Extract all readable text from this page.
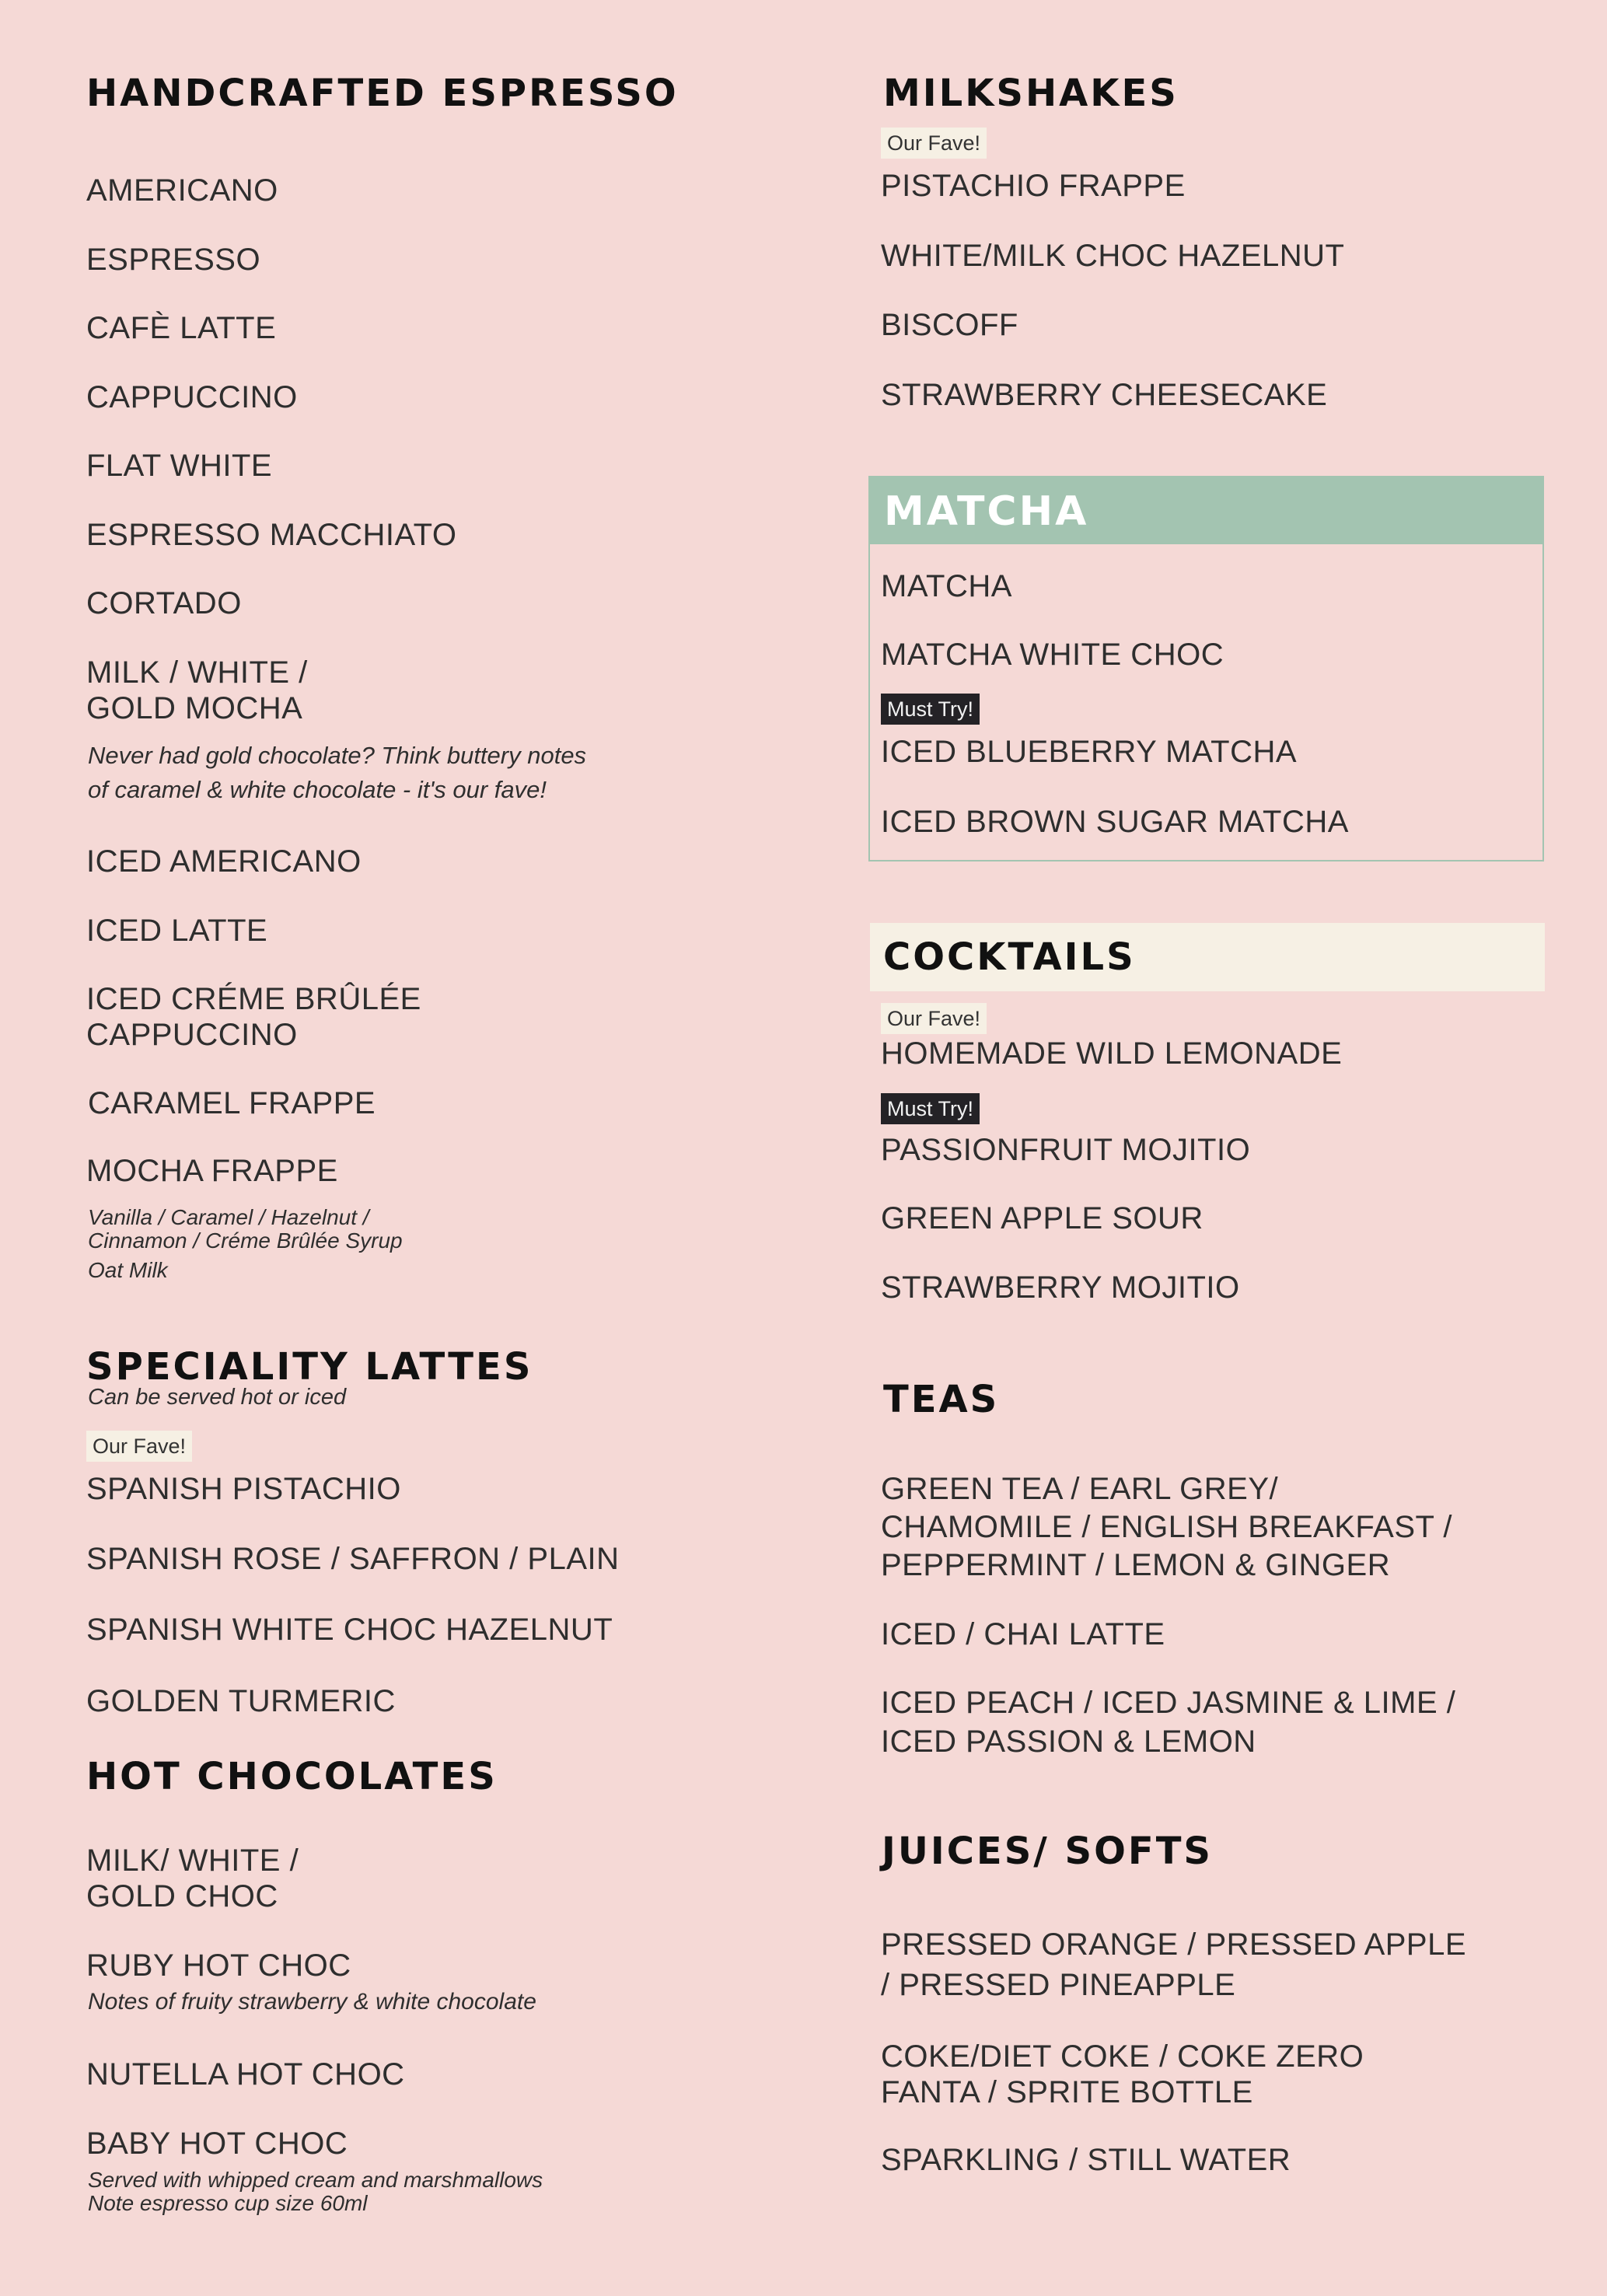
HANDCRAFTED ESPRESSO
AMERICANO
ESPRESSO
CAFÈ LATTE
CAPPUCCINO
FLAT WHITE
ESPRESSO MACCHIATO
CORTADO
MILK / WHITE /
GOLD MOCHA
Never had gold chocolate? Think buttery notes
of caramel & white chocolate - it's our fave!
ICED AMERICANO
ICED LATTE
ICED CRÉME BRÛLÉE
CAPPUCCINO
CARAMEL FRAPPE
MOCHA FRAPPE
Vanilla / Caramel / Hazelnut /
Cinnamon / Créme Brûlée Syrup
Oat Milk
SPECIALITY LATTES
Can be served hot or iced
Our Fave!
SPANISH PISTACHIO
SPANISH ROSE / SAFFRON / PLAIN
SPANISH WHITE CHOC HAZELNUT
GOLDEN TURMERIC
HOT CHOCOLATES
MILK/ WHITE /
GOLD CHOC
RUBY HOT CHOC
Notes of fruity strawberry & white chocolate
NUTELLA HOT CHOC
BABY HOT CHOC
Served with whipped cream and marshmallows
Note espresso cup size 60ml
MILKSHAKES
Our Fave!
PISTACHIO FRAPPE
WHITE/MILK CHOC HAZELNUT
BISCOFF
STRAWBERRY CHEESECAKE
MATCHA
MATCHA
MATCHA WHITE CHOC
Must Try!
ICED BLUEBERRY MATCHA
ICED BROWN SUGAR MATCHA
COCKTAILS
Our Fave!
HOMEMADE WILD LEMONADE
Must Try!
PASSIONFRUIT MOJITIO
GREEN APPLE SOUR
STRAWBERRY MOJITIO
TEAS
GREEN TEA / EARL GREY/
CHAMOMILE / ENGLISH BREAKFAST /
PEPPERMINT / LEMON & GINGER
ICED / CHAI LATTE
ICED PEACH / ICED JASMINE & LIME /
ICED PASSION & LEMON
JUICES/ SOFTS
PRESSED ORANGE / PRESSED APPLE
/ PRESSED PINEAPPLE
COKE/DIET COKE / COKE ZERO
FANTA / SPRITE BOTTLE
SPARKLING / STILL WATER
